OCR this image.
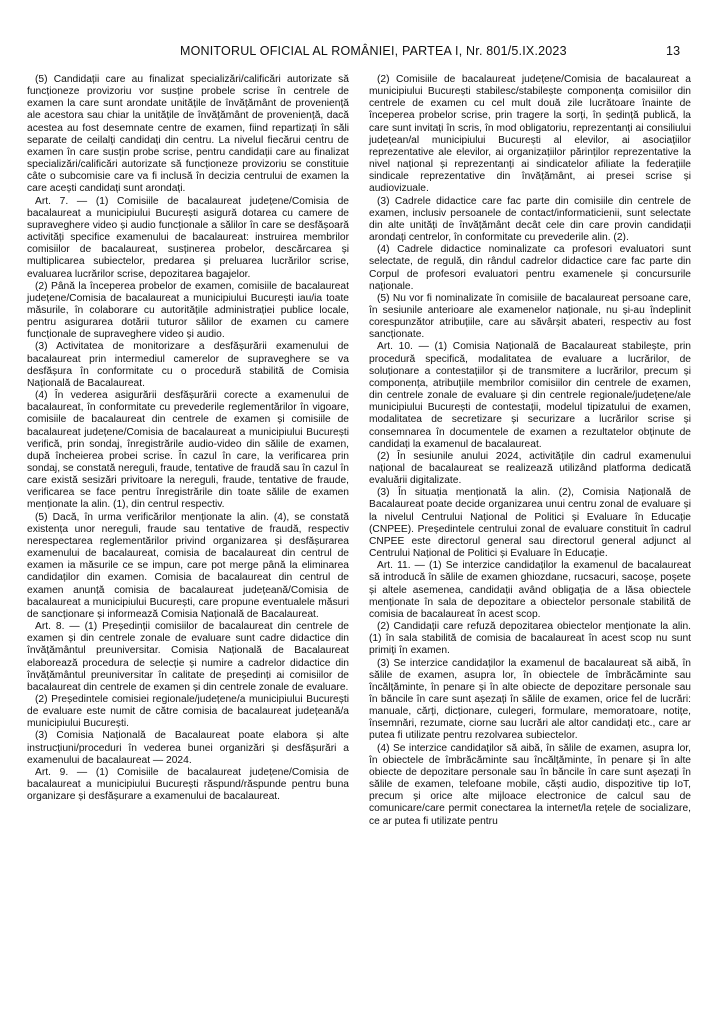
MONITORUL OFICIAL AL ROMÂNIEI, PARTEA I, Nr. 801/5.IX.2023	13

(5) Candidații care au finalizat specializări/calificări autorizate să funcționeze provizoriu vor susține probele scrise în centrele de examen la care sunt arondate unitățile de învățământ de proveniență ale acestora sau chiar la unitățile de învățământ de proveniență, dacă acestea au fost desemnate centre de examen, fiind repartizați în săli separate de ceilalți candidați din centru. La nivelul fiecărui centru de examen în care susțin probe scrise, pentru candidații care au finalizat specializări/calificări autorizate să funcționeze provizoriu se constituie câte o subcomisie care va fi inclusă în decizia centrului de examen la care acești candidați sunt arondați.

Art. 7. — (1) Comisiile de bacalaureat județene/Comisia de bacalaureat a municipiului București asigură dotarea cu camere de supraveghere video și audio funcționale a sălilor în care se desfășoară activități specifice examenului de bacalaureat: instruirea membrilor comisiilor de bacalaureat, susținerea probelor, descărcarea și multiplicarea subiectelor, predarea și preluarea lucrărilor scrise, evaluarea lucrărilor scrise, depozitarea bagajelor.

(2) Până la începerea probelor de examen, comisiile de bacalaureat județene/Comisia de bacalaureat a municipiului București iau/ia toate măsurile, în colaborare cu autoritățile administrației publice locale, pentru asigurarea dotării tuturor sălilor de examen cu camere funcționale de supraveghere video și audio.

(3) Activitatea de monitorizare a desfășurării examenului de bacalaureat prin intermediul camerelor de supraveghere se va desfășura în conformitate cu o procedură stabilită de Comisia Națională de Bacalaureat.

(4) În vederea asigurării desfășurării corecte a examenului de bacalaureat, în conformitate cu prevederile reglementărilor în vigoare, comisiile de bacalaureat din centrele de examen și comisiile de bacalaureat județene/Comisia de bacalaureat a municipiului București verifică, prin sondaj, înregistrările audio-video din sălile de examen, după încheierea probei scrise. În cazul în care, la verificarea prin sondaj, se constată nereguli, fraude, tentative de fraudă sau în cazul în care există sesizări privitoare la nereguli, fraude, tentative de fraude, verificarea se face pentru înregistrările din toate sălile de examen menționate la alin. (1), din centrul respectiv.

(5) Dacă, în urma verificărilor menționate la alin. (4), se constată existența unor nereguli, fraude sau tentative de fraudă, respectiv nerespectarea reglementărilor privind organizarea și desfășurarea examenului de bacalaureat, comisia de bacalaureat din centrul de examen ia măsurile ce se impun, care pot merge până la eliminarea candidaților din examen. Comisia de bacalaureat din centrul de examen anunță comisia de bacalaureat județeană/Comisia de bacalaureat a municipiului București, care propune eventualele măsuri de sancționare și informează Comisia Națională de Bacalaureat.

Art. 8. — (1) Președinții comisiilor de bacalaureat din centrele de examen și din centrele zonale de evaluare sunt cadre didactice din învățământul preuniversitar. Comisia Națională de Bacalaureat elaborează procedura de selecție și numire a cadrelor didactice din învățământul preuniversitar în calitate de președinți ai comisiilor de bacalaureat din centrele de examen și din centrele zonale de evaluare.

(2) Președintele comisiei regionale/județene/a municipiului București de evaluare este numit de către comisia de bacalaureat județeană/a municipiului București.

(3) Comisia Națională de Bacalaureat poate elabora și alte instrucțiuni/proceduri în vederea bunei organizări și desfășurări a examenului de bacalaureat — 2024.

Art. 9. — (1) Comisiile de bacalaureat județene/Comisia de bacalaureat a municipiului București răspund/răspunde pentru buna organizare și desfășurare a examenului de bacalaureat.

(2) Comisiile de bacalaureat județene/Comisia de bacalaureat a municipiului București stabilesc/stabilește componența comisiilor din centrele de examen cu cel mult două zile lucrătoare înainte de începerea probelor scrise, prin tragere la sorți, în ședință publică, la care sunt invitați în scris, în mod obligatoriu, reprezentanți ai consiliului județean/al municipiului București al elevilor, ai asociațiilor reprezentative ale elevilor, ai organizațiilor părinților reprezentative la nivel național și reprezentanți ai sindicatelor afiliate la federațiile sindicale reprezentative din învățământ, ai presei scrise și audiovizuale.

(3) Cadrele didactice care fac parte din comisiile din centrele de examen, inclusiv persoanele de contact/informaticienii, sunt selectate din alte unități de învățământ decât cele din care provin candidații arondați centrelor, în conformitate cu prevederile alin. (2).

(4) Cadrele didactice nominalizate ca profesori evaluatori sunt selectate, de regulă, din rândul cadrelor didactice care fac parte din Corpul de profesori evaluatori pentru examenele și concursurile naționale.

(5) Nu vor fi nominalizate în comisiile de bacalaureat persoane care, în sesiunile anterioare ale examenelor naționale, nu și-au îndeplinit corespunzător atribuțiile, care au săvârșit abateri, respectiv au fost sancționate.

Art. 10. — (1) Comisia Națională de Bacalaureat stabilește, prin procedură specifică, modalitatea de evaluare a lucrărilor, de soluționare a contestațiilor și de transmitere a lucrărilor, precum și componența, atribuțiile membrilor comisiilor din centrele de examen, din centrele zonale de evaluare și din centrele regionale/județene/ale municipiului București de contestații, modelul tipizatului de examen, modalitatea de secretizare și securizare a lucrărilor scrise și consemnarea în documentele de examen a rezultatelor obținute de candidați la examenul de bacalaureat.

(2) În sesiunile anului 2024, activitățile din cadrul examenului național de bacalaureat se realizează utilizând platforma dedicată evaluării digitalizate.

(3) În situația menționată la alin. (2), Comisia Națională de Bacalaureat poate decide organizarea unui centru zonal de evaluare și la nivelul Centrului Național de Politici și Evaluare în Educație (CNPEE). Președintele centrului zonal de evaluare constituit în cadrul CNPEE este directorul general sau directorul general adjunct al Centrului Național de Politici și Evaluare în Educație.

Art. 11. — (1) Se interzice candidaților la examenul de bacalaureat să introducă în sălile de examen ghiozdane, rucsacuri, sacoșe, poșete și altele asemenea, candidații având obligația de a lăsa obiectele menționate în sala de depozitare a obiectelor personale stabilită de comisia de bacalaureat în acest scop.

(2) Candidații care refuză depozitarea obiectelor menționate la alin. (1) în sala stabilită de comisia de bacalaureat în acest scop nu sunt primiți în examen.

(3) Se interzice candidaților la examenul de bacalaureat să aibă, în sălile de examen, asupra lor, în obiectele de îmbrăcăminte sau încălțăminte, în penare și în alte obiecte de depozitare personale sau în băncile în care sunt așezați în sălile de examen, orice fel de lucrări: manuale, cărți, dicționare, culegeri, formulare, memoratoare, notițe, însemnări, rezumate, ciorne sau lucrări ale altor candidați etc., care ar putea fi utilizate pentru rezolvarea subiectelor.

(4) Se interzice candidaților să aibă, în sălile de examen, asupra lor, în obiectele de îmbrăcăminte sau încălțăminte, în penare și în alte obiecte de depozitare personale sau în băncile în care sunt așezați în sălile de examen, telefoane mobile, căști audio, dispozitive tip IoT, precum și orice alte mijloace electronice de calcul sau de comunicare/care permit conectarea la internet/la rețele de socializare, ce ar putea fi utilizate pentru
